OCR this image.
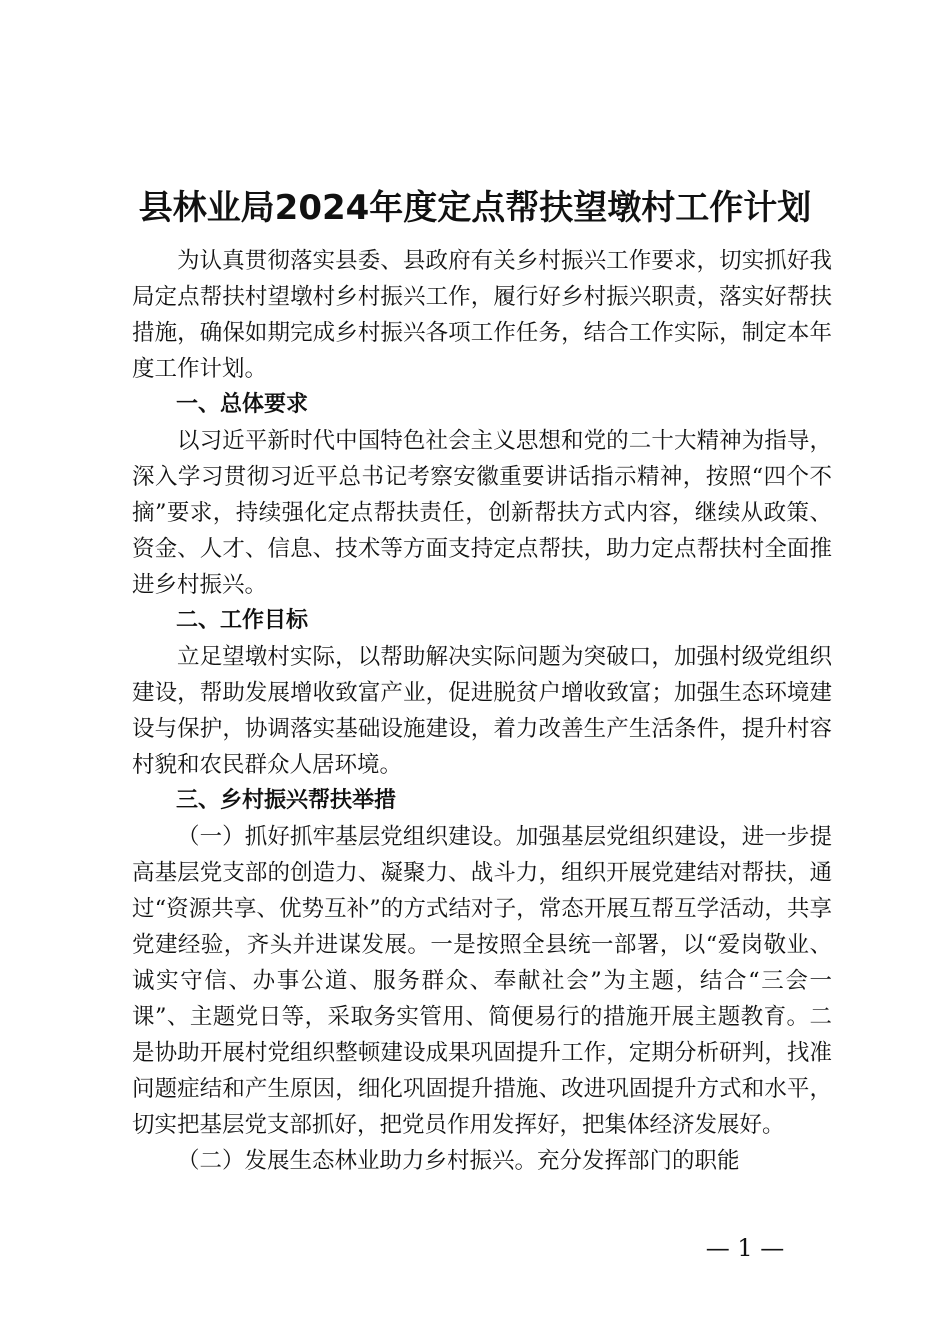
县林业局2024年度定点帮扶望墩村工作计划

为认真贯彻落实县委、县政府有关乡村振兴工作要求，切实抓好我局定点帮扶村望墩村乡村振兴工作，履行好乡村振兴职责，落实好帮扶措施，确保如期完成乡村振兴各项工作任务，结合工作实际，制定本年度工作计划。

一、总体要求

以习近平新时代中国特色社会主义思想和党的二十大精神为指导，深入学习贯彻习近平总书记考察安徽重要讲话指示精神，按照“四个不摘”要求，持续强化定点帮扶责任，创新帮扶方式内容，继续从政策、资金、人才、信息、技术等方面支持定点帮扶，助力定点帮扶村全面推进乡村振兴。

二、工作目标

立足望墩村实际，以帮助解决实际问题为突破口，加强村级党组织建设，帮助发展增收致富产业，促进脱贫户增收致富；加强生态环境建设与保护，协调落实基础设施建设，着力改善生产生活条件，提升村容村貌和农民群众人居环境。

三、乡村振兴帮扶举措

（一）抓好抓牢基层党组织建设。加强基层党组织建设，进一步提高基层党支部的创造力、凝聚力、战斗力，组织开展党建结对帮扶，通过“资源共享、优势互补”的方式结对子，常态开展互帮互学活动，共享党建经验，齐头并进谋发展。一是按照全县统一部署，以“爱岗敬业、诚实守信、办事公道、服务群众、奉献社会”为主题，结合“三会一课”、主题党日等，采取务实管用、简便易行的措施开展主题教育。二是协助开展村党组织整顿建设成果巩固提升工作，定期分析研判，找准问题症结和产生原因，细化巩固提升措施、改进巩固提升方式和水平，切实把基层党支部抓好，把党员作用发挥好，把集体经济发展好。

（二）发展生态林业助力乡村振兴。充分发挥部门的职能

— 1 —
